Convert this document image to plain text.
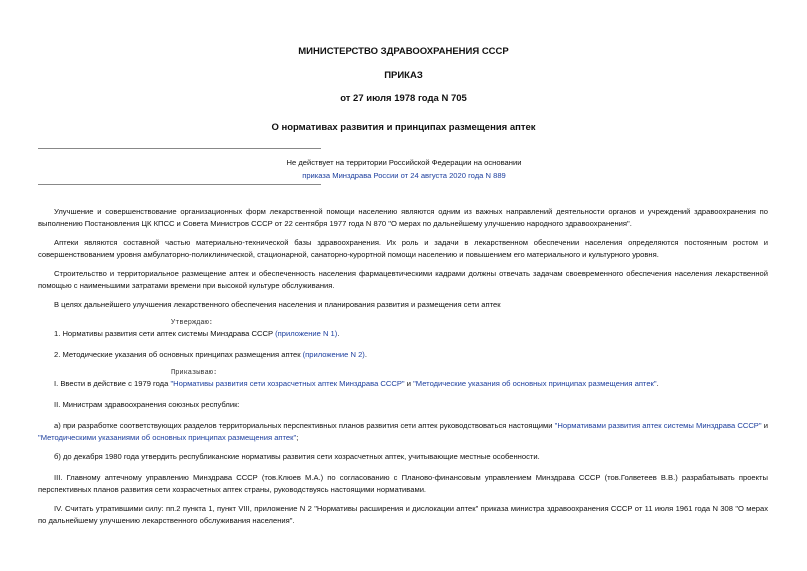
МИНИСТЕРСТВО ЗДРАВООХРАНЕНИЯ СССР
ПРИКАЗ
от 27 июля 1978 года N 705
О нормативах развития и принципах размещения аптек
Не действует на территории Российской Федерации на основании
приказа Минздрава России от 24 августа 2020 года N 889

Улучшение и совершенствование организационных форм лекарственной помощи населению являются одним из важных направлений деятельности органов и учреждений здравоохранения по выполнению Постановления ЦК КПСС и Совета Министров СССР от 22 сентября 1977 года N 870 "О мерах по дальнейшему улучшению народного здравоохранения".

Аптеки являются составной частью материально-технической базы здравоохранения. Их роль и задачи в лекарственном обеспечении населения определяются постоянным ростом и совершенствованием уровня амбулаторно-поликлинической, стационарной, санаторно-курортной помощи населению и повышением его материального и культурного уровня.

Строительство и территориальное размещение аптек и обеспеченность населения фармацевтическими кадрами должны отвечать задачам своевременного обеспечения населения лекарственной помощью с наименьшими затратами времени при высокой культуре обслуживания.

В целях дальнейшего улучшения лекарственного обеспечения населения и планирования развития и размещения сети аптек

Утверждаю:

1. Нормативы развития сети аптек системы Минздрава СССР (приложение N 1).

2. Методические указания об основных принципах размещения аптек (приложение N 2).

Приказываю:

I. Ввести в действие с 1979 года "Нормативы развития сети хозрасчетных аптек Минздрава СССР" и "Методические указания об основных принципах размещения аптек".

II. Министрам здравоохранения союзных республик:

а) при разработке соответствующих разделов территориальных перспективных планов развития сети аптек руководствоваться настоящими "Нормативами развития аптек системы Минздрава СССР" и "Методическими указаниями об основных принципах размещения аптек";

б) до декабря 1980 года утвердить республиканские нормативы развития сети хозрасчетных аптек, учитывающие местные особенности.

III. Главному аптечному управлению Минздрава СССР (тов.Клюев М.А.) по согласованию с Планово-финансовым управлением Минздрава СССР (тов.Голветеев В.В.) разрабатывать проекты перспективных планов развития сети хозрасчетных аптек страны, руководствуясь настоящими нормативами.

IV. Считать утратившими силу: пп.2 пункта 1, пункт VIII, приложение N 2 "Нормативы расширения и дислокации аптек" приказа министра здравоохранения СССР от 11 июля 1961 года N 308 "О мерах по дальнейшему улучшению лекарственного обслуживания населения".
